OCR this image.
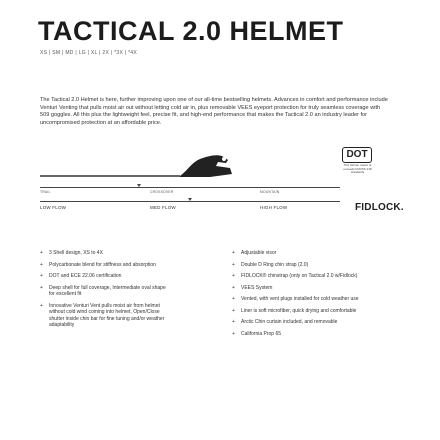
TACTICAL 2.0 HELMET
XS | SM | MD | LG | XL | 2X | *3X | *4X

The Tactical 2.0 Helmet is here, further improving upon one of our all-time bestselling helmets. Advances in comfort and performance include Venturi Venting that pulls moist air out without letting cold air in, plus removable VEES eyeport protection for truly seamless coverage with 509 goggles. All this plus the lightweight feel, precise fit, and high-end performance that makes the Tactical 2.0 an industry leader for uncompromised protection at an affordable price.

DOT
This helmet meets or exceeds FMVSS 218 standards
TRAIL	CROSSOVER	MOUNTAIN
LOW FLOW	MED FLOW	HIGH FLOW	FIDLOCK.
+ 3 Shell design, XS to 4X
+ Polycarbonate blend for stiffness and absorption
+ DOT and ECE 22.06 certification
+ Deep shell for full coverage, Intermediate oval shape for excellent fit
+ Innovative Venturi Vent pulls moist air from helmet without cold wind coming into helmet, Open/Close shutter inside chin bar for fine tuning and/or weather adaptability
+ Adjustable visor
+ Double D Ring chin strap (2.0)
+ FIDLOCK® chinstrap (only on Tactical 2.0 w/Fidlock)
+ VEES System
+ Vented, with vent plugs installed for cold weather use
+ Liner is soft microfiber, quick drying and comfortable
+ Arctic Chin curtain included, and removable
+ California Prop 65
